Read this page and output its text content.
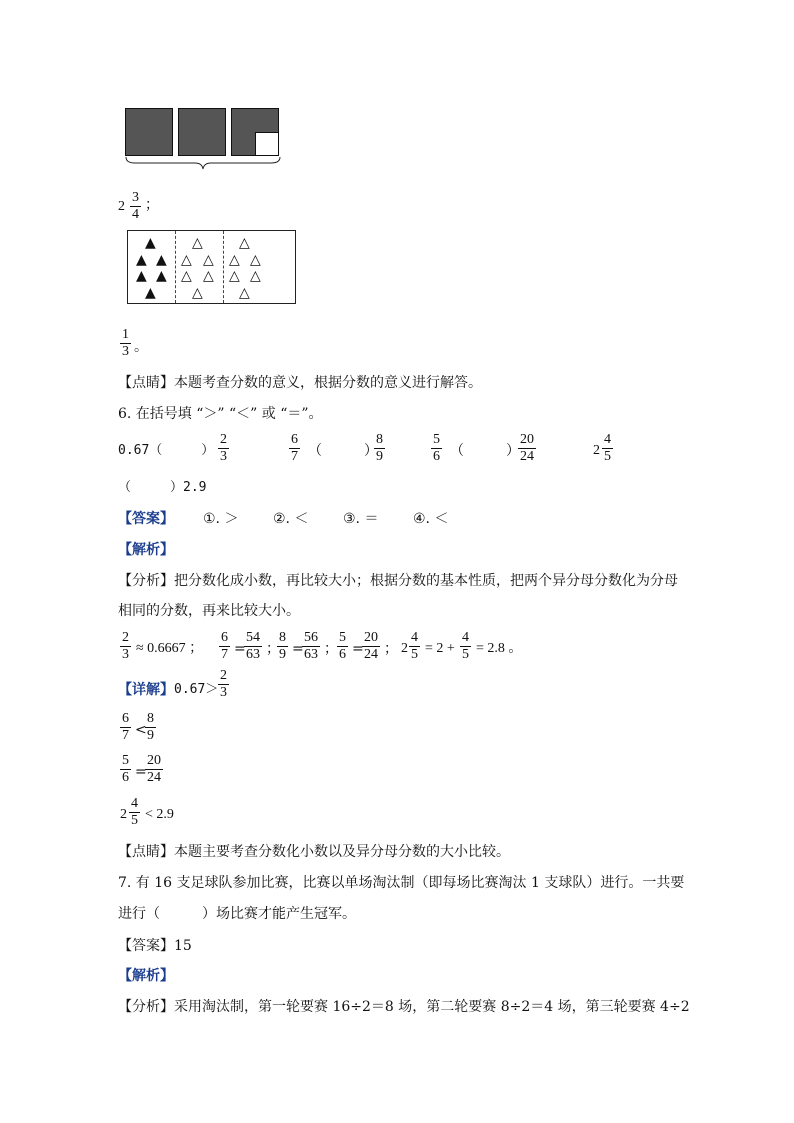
$2 \frac{3}{4}$ ；
▲
▲ ▲
▲ ▲
▲
△
△ △
△ △
△
△
△ △
△ △
△
$\frac{1}{3}$ 。
【点睛】本题考查分数的意义，根据分数的意义进行解答。
6. 在括号填 “＞” “＜” 或 “＝”。
0.67（　　　） $\frac{2}{3}$	$\frac{6}{7}$ （　　　）
$\frac{8}{9}$	$\frac{5}{6}$ （　　　）
$\frac{20}{24}$	$2 \frac{4}{5}$
（　　　）2.9
【答案】 ①. ＞ ②. ＜ ③. ＝ ④. ＜
【解析】
【分析】把分数化成小数，再比较大小；根据分数的基本性质，把两个异分母分数化为分母
相同的分数，再来比较大小。
$\frac{2}{3} \approx 0.6667$ ； $\frac{6}{7}$ =
$\frac{54}{63}$ ；
$\frac{8}{9}$ =
$\frac{56}{63}$ ； $\frac{5}{6}$ =
$\frac{20}{24}$ ； $2 \frac{4}{5} = 2 + \frac{4}{5} = 2.8$ 。
【详解】 $0.67> \frac{2}{3}$
$\frac{6}{7}$ <
$\frac{8}{9}$
$\frac{5}{6}$ =
$\frac{20}{24}$
$2 \frac{4}{5} < 2.9$
【点睛】本题主要考查分数化小数以及异分母分数的大小比较。
7. 有 16 支足球队参加比赛，比赛以单场淘汰制（即每场比赛淘汰 1 支球队）进行。一共要
进行（　　　）场比赛才能产生冠军。
【答案】15
【解析】
【分析】采用淘汰制，第一轮要赛 16÷2＝8 场，第二轮要赛 8÷2＝4 场，第三轮要赛 4÷2
